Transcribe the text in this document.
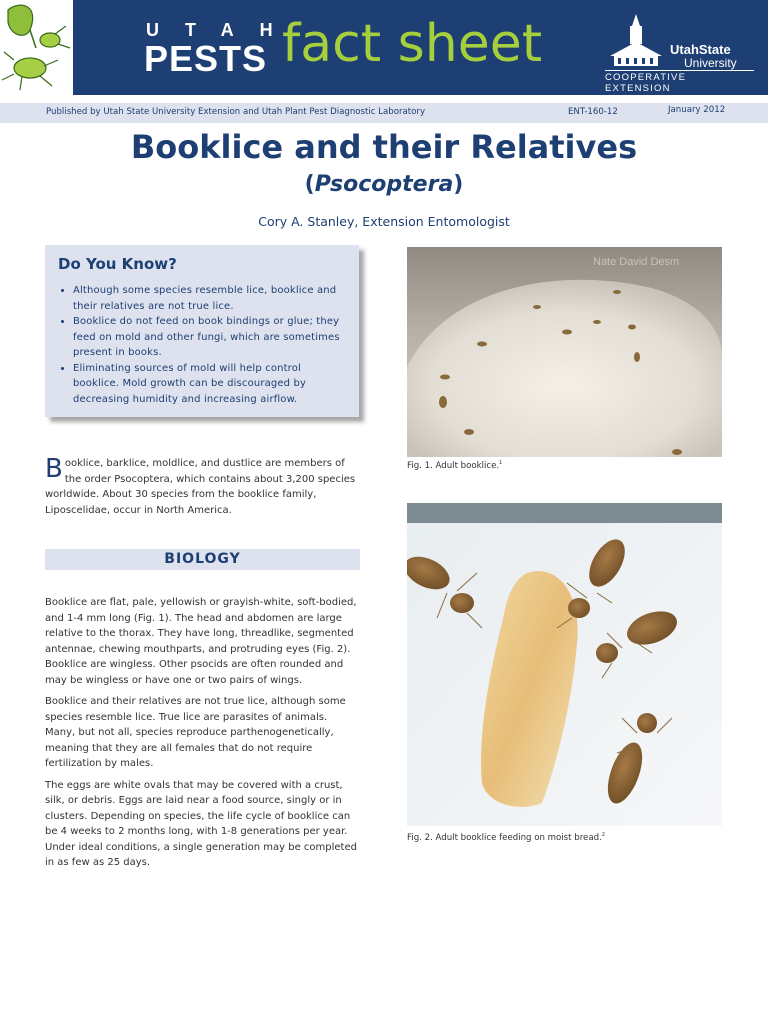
UTAH
PESTS fact sheet	UtahState
University
COOPERATIVE EXTENSION
Published by Utah State University Extension and Utah Plant Pest Diagnostic Laboratory	ENT-160-12	January 2012
Booklice and their Relatives
(Psocoptera)
Cory A. Stanley, Extension Entomologist
Do You Know?
• Although some species resemble lice, booklice and their relatives are not true lice.
• Booklice do not feed on book bindings or glue; they feed on mold and other fungi, which are sometimes present in books.
• Eliminating sources of mold will help control booklice. Mold growth can be discouraged by decreasing humidity and increasing airflow.
Booklice, barklice, moldlice, and dustlice are members of the order Psocoptera, which contains about 3,200 species worldwide. About 30 species from the booklice family, Liposcelidae, occur in North America.
BIOLOGY

Booklice are flat, pale, yellowish or grayish-white, soft-bodied, and 1-4 mm long (Fig. 1). The head and abdomen are large relative to the thorax. They have long, threadlike, segmented antennae, chewing mouthparts, and protruding eyes (Fig. 2). Booklice are wingless. Other psocids are often rounded and may be wingless or have one or two pairs of wings.

Booklice and their relatives are not true lice, although some species resemble lice. True lice are parasites of animals. Many, but not all, species reproduce parthenogenetically, meaning that they are all females that do not require fertilization by males.

The eggs are white ovals that may be covered with a crust, silk, or debris. Eggs are laid near a food source, singly or in clusters. Depending on species, the life cycle of booklice can be 4 weeks to 2 months long, with 1-8 generations per year. Under ideal conditions, a single generation may be completed in as few as 25 days.

Nate David Desm
Fig. 1. Adult booklice.$^1$
Fig. 2. Adult booklice feeding on moist bread.$^2$
